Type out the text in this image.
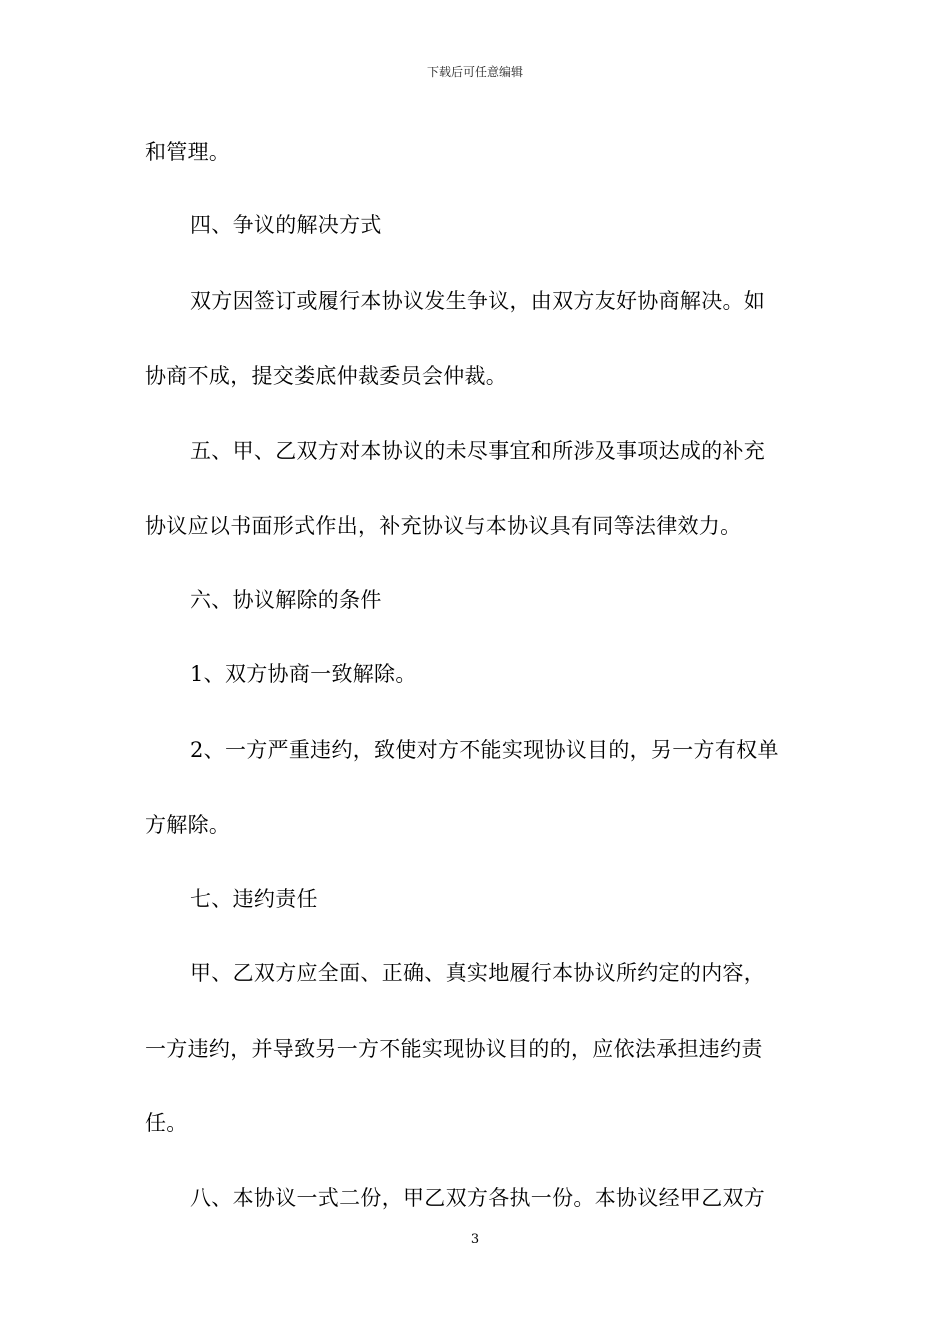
下载后可任意编辑
和管理。
四、争议的解决方式
双方因签订或履行本协议发生争议，由双方友好协商解决。如
协商不成，提交娄底仲裁委员会仲裁。
五、甲、乙双方对本协议的未尽事宜和所涉及事项达成的补充
协议应以书面形式作出，补充协议与本协议具有同等法律效力。
六、协议解除的条件
1、双方协商一致解除。
2、一方严重违约，致使对方不能实现协议目的，另一方有权单
方解除。
七、违约责任
甲、乙双方应全面、正确、真实地履行本协议所约定的内容，
一方违约，并导致另一方不能实现协议目的的，应依法承担违约责
任。
八、本协议一式二份，甲乙双方各执一份。本协议经甲乙双方
3
